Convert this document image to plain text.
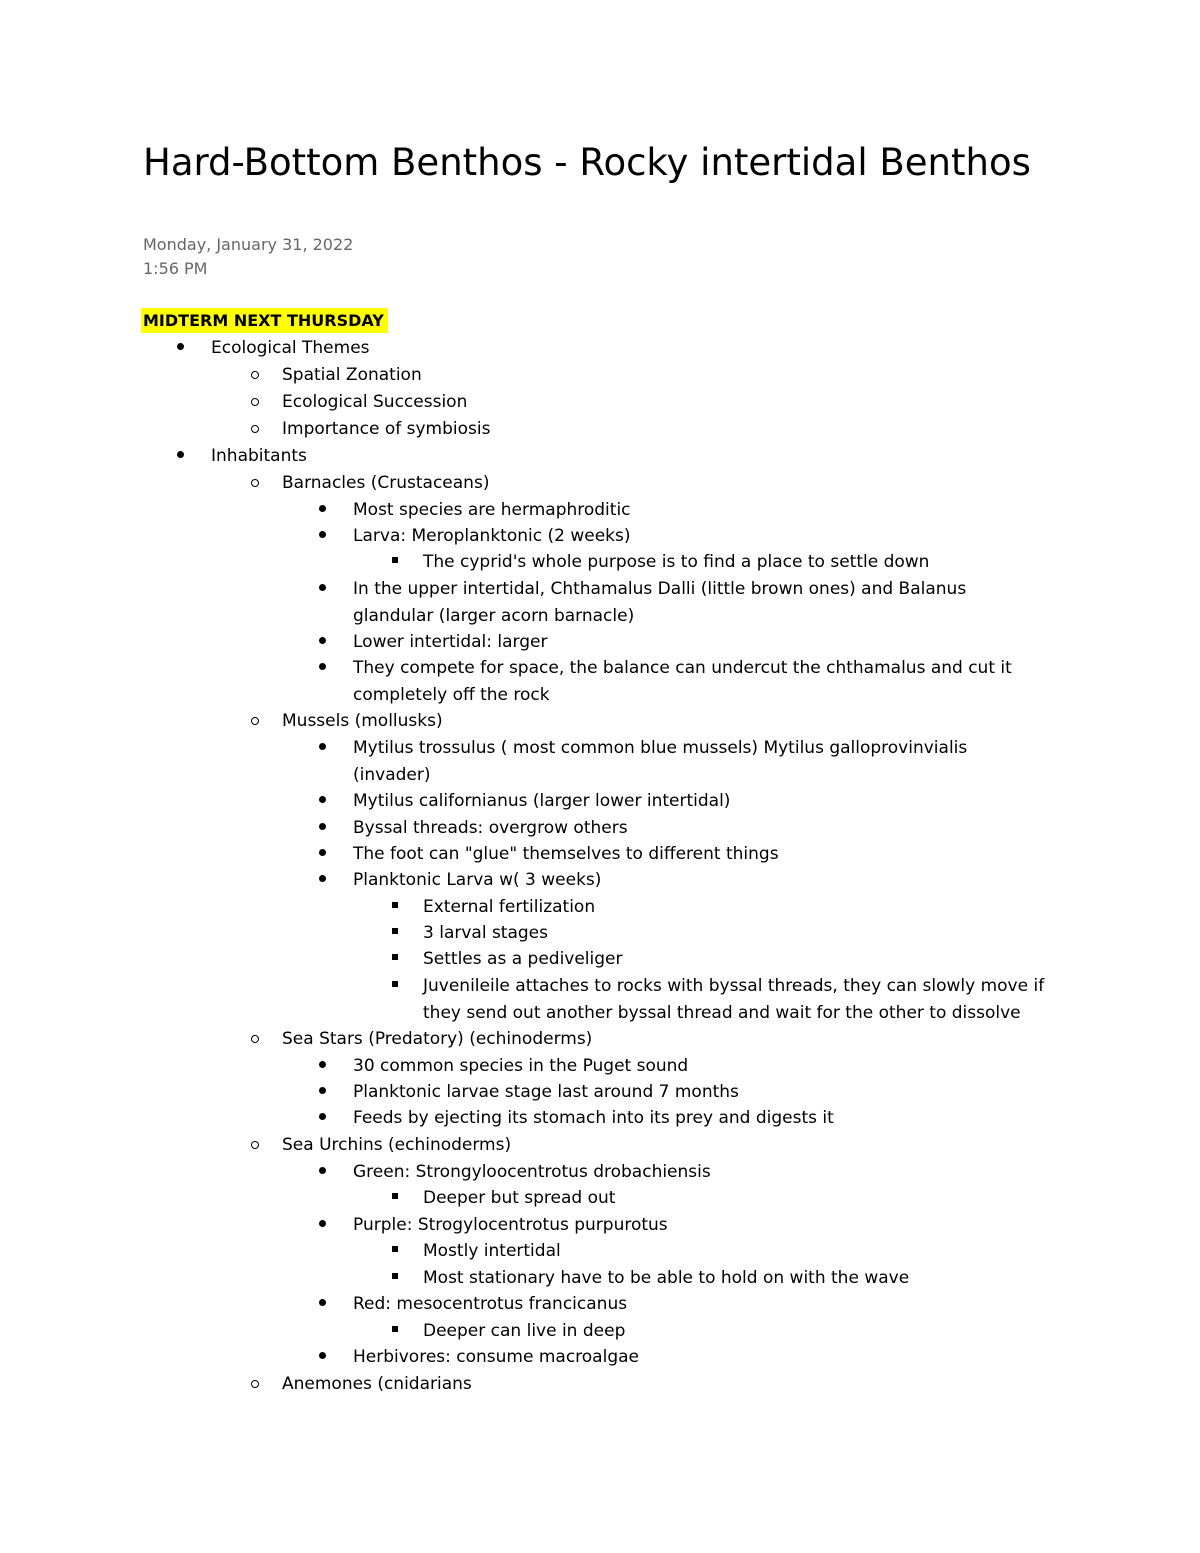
Hard-Bottom Benthos - Rocky intertidal Benthos
Monday, January 31, 2022
1:56 PM
MIDTERM NEXT THURSDAY
Ecological Themes
Spatial Zonation
Ecological Succession
Importance of symbiosis
Inhabitants
Barnacles (Crustaceans)
Most species are hermaphroditic
Larva: Meroplanktonic (2 weeks)
The cyprid's whole purpose is to find a place to settle down
In the upper intertidal, Chthamalus Dalli (little brown ones) and Balanus glandular (larger acorn barnacle)
Lower intertidal: larger
They compete for space, the balance can undercut the chthamalus and cut it completely off the rock
Mussels (mollusks)
Mytilus trossulus ( most common blue mussels) Mytilus galloprovinvialis (invader)
Mytilus californianus (larger lower intertidal)
Byssal threads: overgrow others
The foot can "glue" themselves to different things
Planktonic Larva w( 3 weeks)
External fertilization
3 larval stages
Settles as a pediveliger
Juvenileile attaches to rocks with byssal threads, they can slowly move if they send out another byssal thread and wait for the other to dissolve
Sea Stars (Predatory) (echinoderms)
30 common species in the Puget sound
Planktonic larvae stage last around 7 months
Feeds by ejecting its stomach into its prey and digests it
Sea Urchins (echinoderms)
Green: Strongyloocentrotus drobachiensis
Deeper but spread out
Purple: Strogylocentrotus purpurotus
Mostly intertidal
Most stationary have to be able to hold on with the wave
Red: mesocentrotus francicanus
Deeper can live in deep
Herbivores: consume macroalgae
Anemones (cnidarians
